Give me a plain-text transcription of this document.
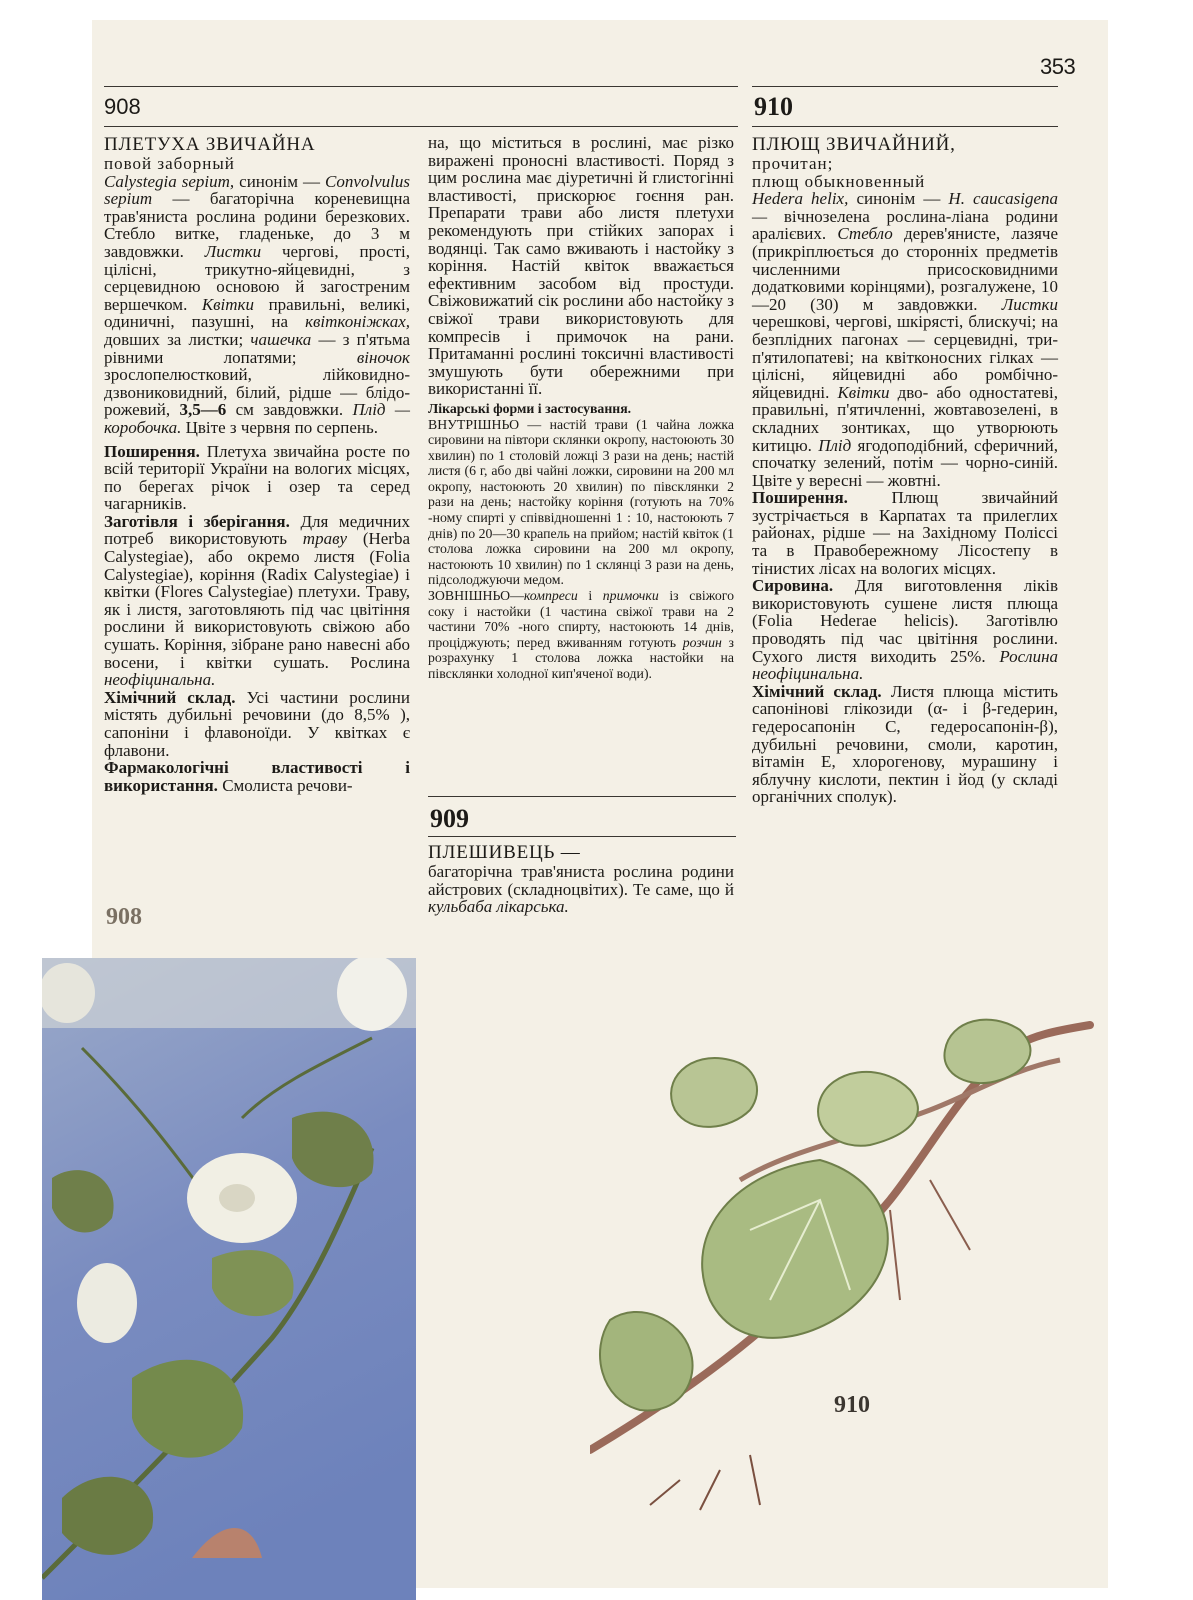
353
908	910
909
ПЛЕТУХА ЗВИЧАЙНА

повой заборный

Calystegia sepium, синонім — Convolvulus sepium — багаторічна кореневищна трав'яниста рослина родини березкових. Стебло витке, гладеньке, до 3 м завдовжки. Листки чергові, прості, цілісні, трикутно-яйцевидні, з серцевидною основою й загостреним вершечком. Квітки правильні, великі, одиничні, пазушні, на квітконіжках, довших за листки; чашечка — з п'ятьма рівними лопатями;	віночок зрослопелюстковий, лійковидно-дзвониковидний, білий, рідше — блідо-рожевий, 3,5—6 см завдовжки. Плід — коробочка. Цвіте з червня по серпень.

Поширення. Плетуха звичайна росте по всій території України на вологих місцях, по берегах річок і озер та серед чагарників.
Заготівля і зберігання. Для медичних потреб використовують траву (Herba Calystegiae), або окремо листя (Folia Calystegiae), коріння (Radix Calystegiae) і квітки (Flores Calystegiae) плетухи. Траву, як і листя, заготовляють під час цвітіння рослини й використовують свіжою або сушать. Коріння, зібране рано навесні або восени, і квітки сушать. Рослина неофіцинальна.
Хімічний склад. Усі частини рослини містять дубильні речовини (до 8,5% ), сапоніни і флавоноїди. У квітках є флавони.
Фармакологічні властивості і використання. Смолиста речови-

908

на, що міститься в рослині, має різко виражені проносні властивості. Поряд з цим рослина має діуретичні й глистогінні властивості, прискорює гоєння ран. Препарати трави або листя плетухи рекомендують при стійких запорах і водянці. Так само вживають і настойку з коріння. Настій квіток вважається ефективним засобом від простуди. Свіжовижатий сік рослини або настойку з свіжої трави використовують для компресів і примочок на рани. Притаманні рослині токсичні властивості змушують бути обережними при використанні її.

Лікарські форми і застосування.
ВНУТРІШНЬО — настій трави (1 чайна ложка сировини на півтори склянки окропу, настоюють 30 хвилин) по 1 столовій ложці 3 рази на день; настій листя (6 г, або дві чайні ложки, сировини на 200 мл окропу, настоюють 20 хвилин) по півсклянки 2 рази на день; настойку коріння (готують на 70% -ному спирті у співвідношенні 1 : 10, настоюють 7 днів) по 20—30 крапель на прийом; настій квіток (1 столова ложка сировини на 200 мл окропу, настоюють 10 хвилин) по 1 склянці 3 рази на день, підсолоджуючи медом.
ЗОВНІШНЬО—компреси і примочки із свіжого соку і настойки (1 частина свіжої трави на 2 частини 70% -ного спирту, настоюють 14 днів, проціджують; перед вживанням готують розчин з розрахунку 1 столова ложка настойки на півсклянки холодної кип'яченої води).

ПЛЕШИВЕЦЬ —

багаторічна трав'яниста рослина родини айстрових (складноцвітих). Те саме, що й кульбаба лікарська.

ПЛЮЩ ЗВИЧАЙНИЙ,

прочитан;

плющ обыкновенный

Hedera helix, синонім — H. caucasigena — вічнозелена рослина-ліана родини аралієвих. Стебло дерев'янисте, лазяче (прикріплюється до сторонніх предметів численними присосковидними додатковими корінцями), розгалужене, 10—20 (30) м завдовжки. Листки черешкові, чергові, шкірясті, блискучі; на безплідних пагонах — серцевидні, три-п'ятилопатеві; на квітконосних гілках — цілісні, яйцевидні або ромбічно-яйцевидні. Квітки дво- або одностатеві, правильні, п'ятичленні, жовтавозелені, в складних зонтиках, що утворюють китицю. Плід ягодоподібний, сферичний, спочатку зелений, потім — чорно-синій. Цвіте у вересні — жовтні.

Поширення.	Плющ звичайний зустрічається в Карпатах та прилеглих районах, рідше — на Західному Поліссі та в Правобережному Лісостепу в тінистих лісах на вологих місцях.

Сировина. Для виготовлення ліків використовують сушене листя плюща (Folia Hederae helicis). Заготівлю проводять під час цвітіння рослини. Сухого листя виходить 25%. Рослина неофіцинальна.

Хімічний склад. Листя плюща містить сапонінові глікозиди (α- і β-гедерин, гедеросапонін С, гедеросапонін-β), дубильні речовини, смоли, каротин, вітамін Е, хлорогенову, мурашину і яблучну кислоти, пектин і йод (у складі органічних сполук).

910
